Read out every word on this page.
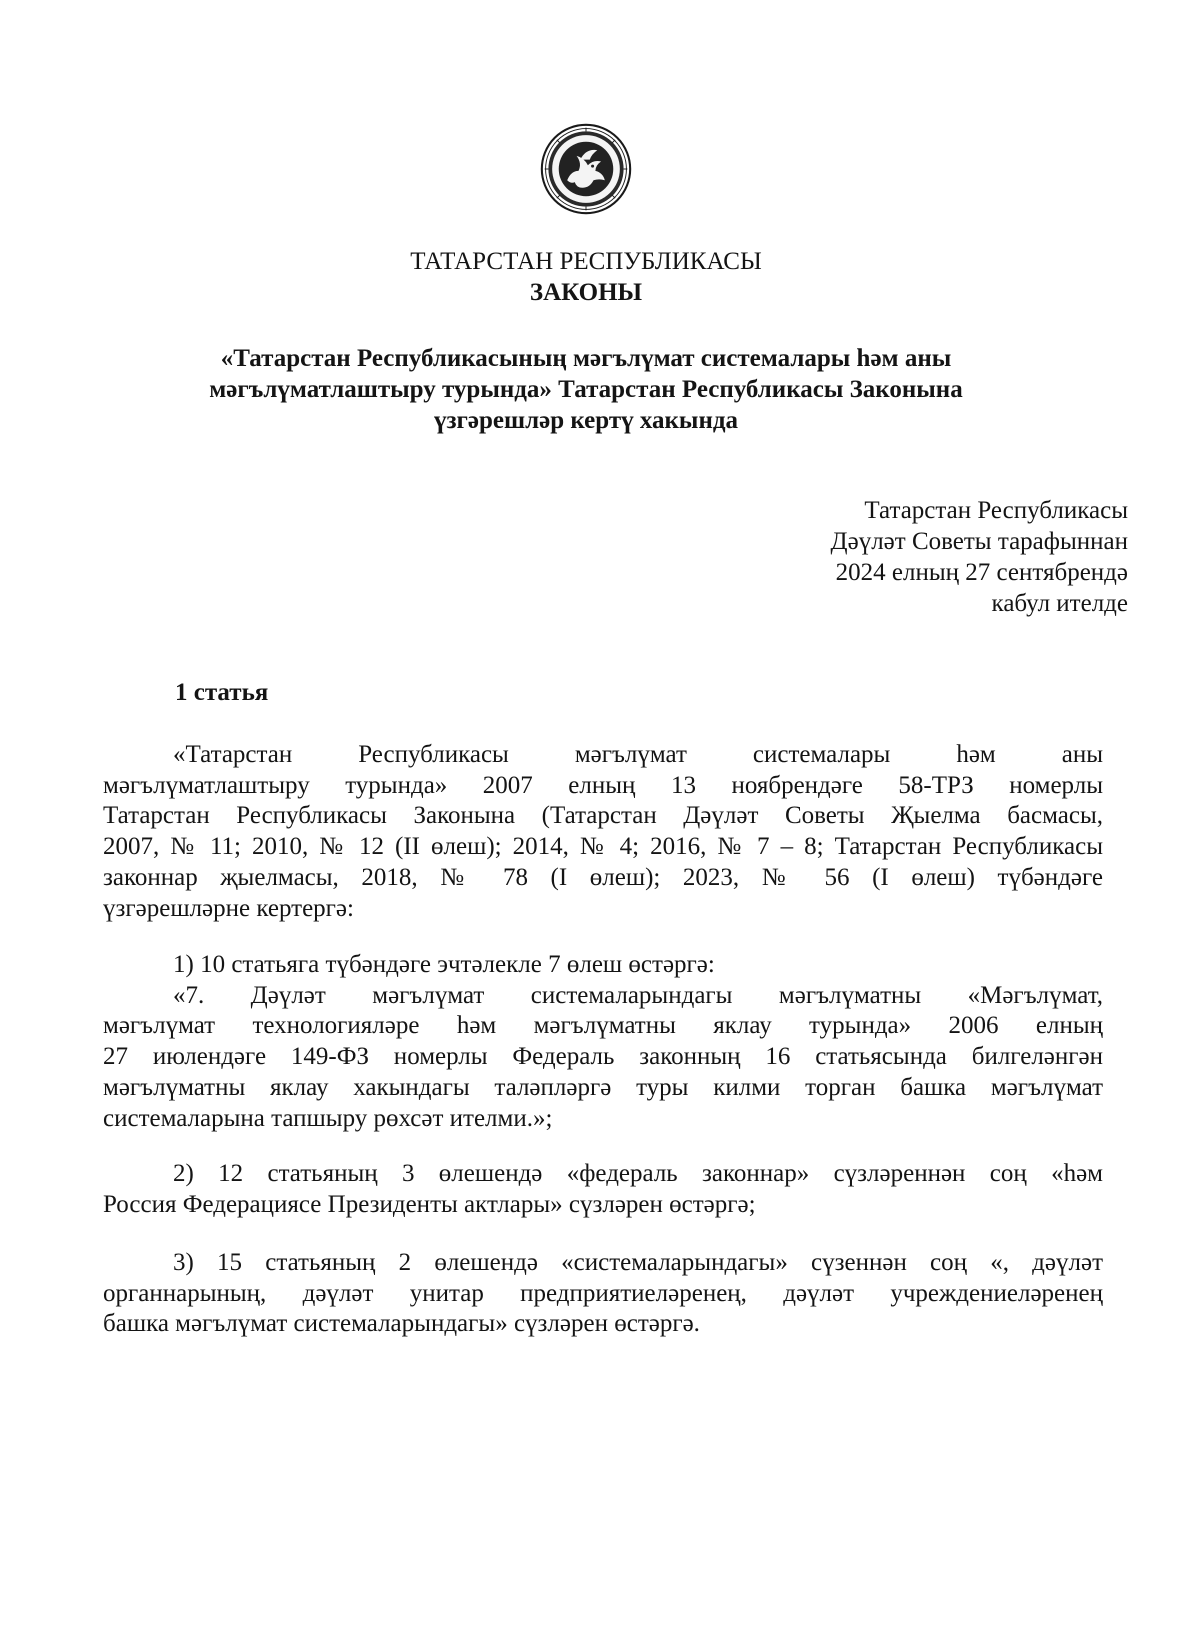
ТАТАРСТАН РЕСПУБЛИКАСЫ
ЗАКОНЫ
«Татарстан Республикасының мәгълүмат системалары һәм аны
мәгълүматлаштыру турында» Татарстан Республикасы Законына
үзгәрешләр кертү хакында
Татарстан Республикасы
Дәүләт Советы тарафыннан
2024 елның 27 сентябрендә
кабул ителде
1 статья
«Татарстан Республикасы мәгълүмат системалары һәм аны
мәгълүматлаштыру турында» 2007 елның 13 ноябрендәге 58-ТРЗ номерлы
Татарстан Республикасы Законына (Татарстан Дәүләт Советы Җыелма басмасы,
2007, № 11; 2010, № 12 (II өлеш); 2014, № 4; 2016, № 7 – 8; Татарстан Республикасы
законнар җыелмасы, 2018, № 78 (I өлеш); 2023, № 56 (I өлеш) түбәндәге
үзгәрешләрне кертергә:
1) 10 статьяга түбәндәге эчтәлекле 7 өлеш өстәргә:
«7. Дәүләт мәгълүмат системаларындагы мәгълүматны «Мәгълүмат,
мәгълүмат технологияләре һәм мәгълүматны яклау турында» 2006 елның
27 июлендәге 149-ФЗ номерлы Федераль законның 16 статьясында билгеләнгән
мәгълүматны яклау хакындагы таләпләргә туры килми торган башка мәгълүмат
системаларына тапшыру рөхсәт ителми.»;
2) 12 статьяның 3 өлешендә «федераль законнар» сүзләреннән соң «һәм
Россия Федерациясе Президенты актлары» сүзләрен өстәргә;
3) 15 статьяның 2 өлешендә «системаларындагы» сүзеннән соң «, дәүләт
органнарының, дәүләт унитар предприятиеләренең, дәүләт учреждениеләренең
башка мәгълүмат системаларындагы» сүзләрен өстәргә.
